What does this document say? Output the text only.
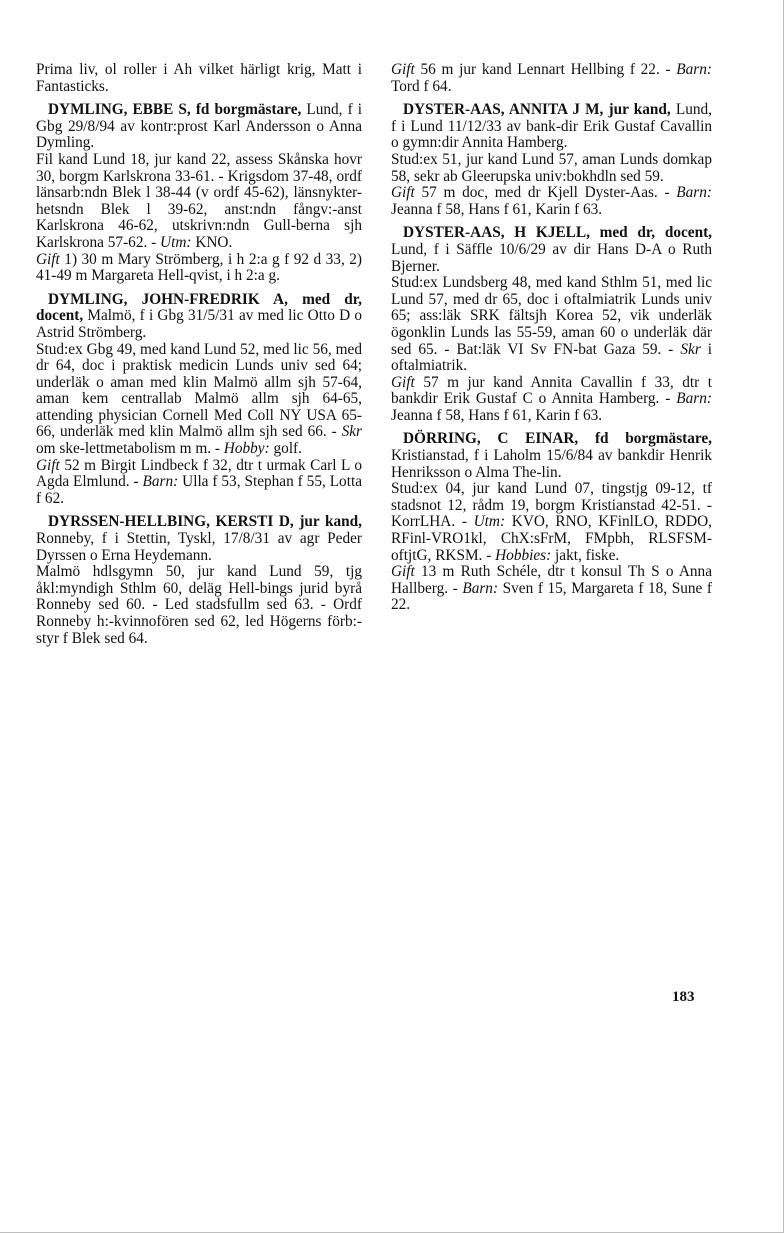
Prima liv, ol roller i Ah vilket härligt krig, Matt i Fantasticks.

DYMLING, EBBE S, fd borgmästare, Lund, f i Gbg 29/8/94 av kontr:prost Karl Andersson o Anna Dymling.

Fil kand Lund 18, jur kand 22, assess Skånska hovr 30, borgm Karlskrona 33-61. - Krigsdom 37-48, ordf länsarb:ndn Blek l 38-44 (v ordf 45-62), länsnykter-hetsndn Blek l 39-62, anst:ndn fångv:-anst Karlskrona 46-62, utskrivn:ndn Gull-berna sjh Karlskrona 57-62. - Utm: KNO.

Gift 1) 30 m Mary Strömberg, i h 2:a g f 92 d 33, 2) 41-49 m Margareta Hell-qvist, i h 2:a g.

DYMLING, JOHN-FREDRIK A, med dr, docent, Malmö, f i Gbg 31/5/31 av med lic Otto D o Astrid Strömberg.

Stud:ex Gbg 49, med kand Lund 52, med lic 56, med dr 64, doc i praktisk medicin Lunds univ sed 64; underläk o aman med klin Malmö allm sjh 57-64, aman kem centrallab Malmö allm sjh 64-65, attending physician Cornell Med Coll NY USA 65-66, underläk med klin Malmö allm sjh sed 66. - Skr om ske-lettmetabolism m m. - Hobby: golf.

Gift 52 m Birgit Lindbeck f 32, dtr t urmak Carl L o Agda Elmlund. - Barn: Ulla f 53, Stephan f 55, Lotta f 62.

DYRSSEN-HELLBING, KERSTI D, jur kand, Ronneby, f i Stettin, Tyskl, 17/8/31 av agr Peder Dyrssen o Erna Heydemann.

Malmö hdlsgymn 50, jur kand Lund 59, tjg åkl:myndigh Sthlm 60, deläg Hell-bings jurid byrå Ronneby sed 60. - Led stadsfullm sed 63. - Ordf Ronneby h:-kvinnofören sed 62, led Högerns förb:-styr f Blek sed 64.

Gift 56 m jur kand Lennart Hellbing f 22. - Barn: Tord f 64.

DYSTER-AAS, ANNITA J M, jur kand, Lund, f i Lund 11/12/33 av bank-dir Erik Gustaf Cavallin o gymn:dir Annita Hamberg.

Stud:ex 51, jur kand Lund 57, aman Lunds domkap 58, sekr ab Gleerupska univ:bokhdln sed 59.

Gift 57 m doc, med dr Kjell Dyster-Aas. - Barn: Jeanna f 58, Hans f 61, Karin f 63.

DYSTER-AAS, H KJELL, med dr, docent, Lund, f i Säffle 10/6/29 av dir Hans D-A o Ruth Bjerner.

Stud:ex Lundsberg 48, med kand Sthlm 51, med lic Lund 57, med dr 65, doc i oftalmiatrik Lunds univ 65; ass:läk SRK fältsjh Korea 52, vik underläk ögonklin Lunds las 55-59, aman 60 o underläk där sed 65. - Bat:läk VI Sv FN-bat Gaza 59. - Skr i oftalmiatrik.

Gift 57 m jur kand Annita Cavallin f 33, dtr t bankdir Erik Gustaf C o Annita Hamberg. - Barn: Jeanna f 58, Hans f 61, Karin f 63.

DÖRRING, C EINAR, fd borgmästare, Kristianstad, f i Laholm 15/6/84 av bankdir Henrik Henriksson o Alma The-lin.

Stud:ex 04, jur kand Lund 07, tingstjg 09-12, tf stadsnot 12, rådm 19, borgm Kristianstad 42-51. - KorrLHA. - Utm: KVO, RNO, KFinlLO, RDDO, RFinl-VRO1kl, ChX:sFrM, FMpbh, RLSFSM-oftjtG, RKSM. - Hobbies: jakt, fiske.

Gift 13 m Ruth Schéle, dtr t konsul Th S o Anna Hallberg. - Barn: Sven f 15, Margareta f 18, Sune f 22.

183
